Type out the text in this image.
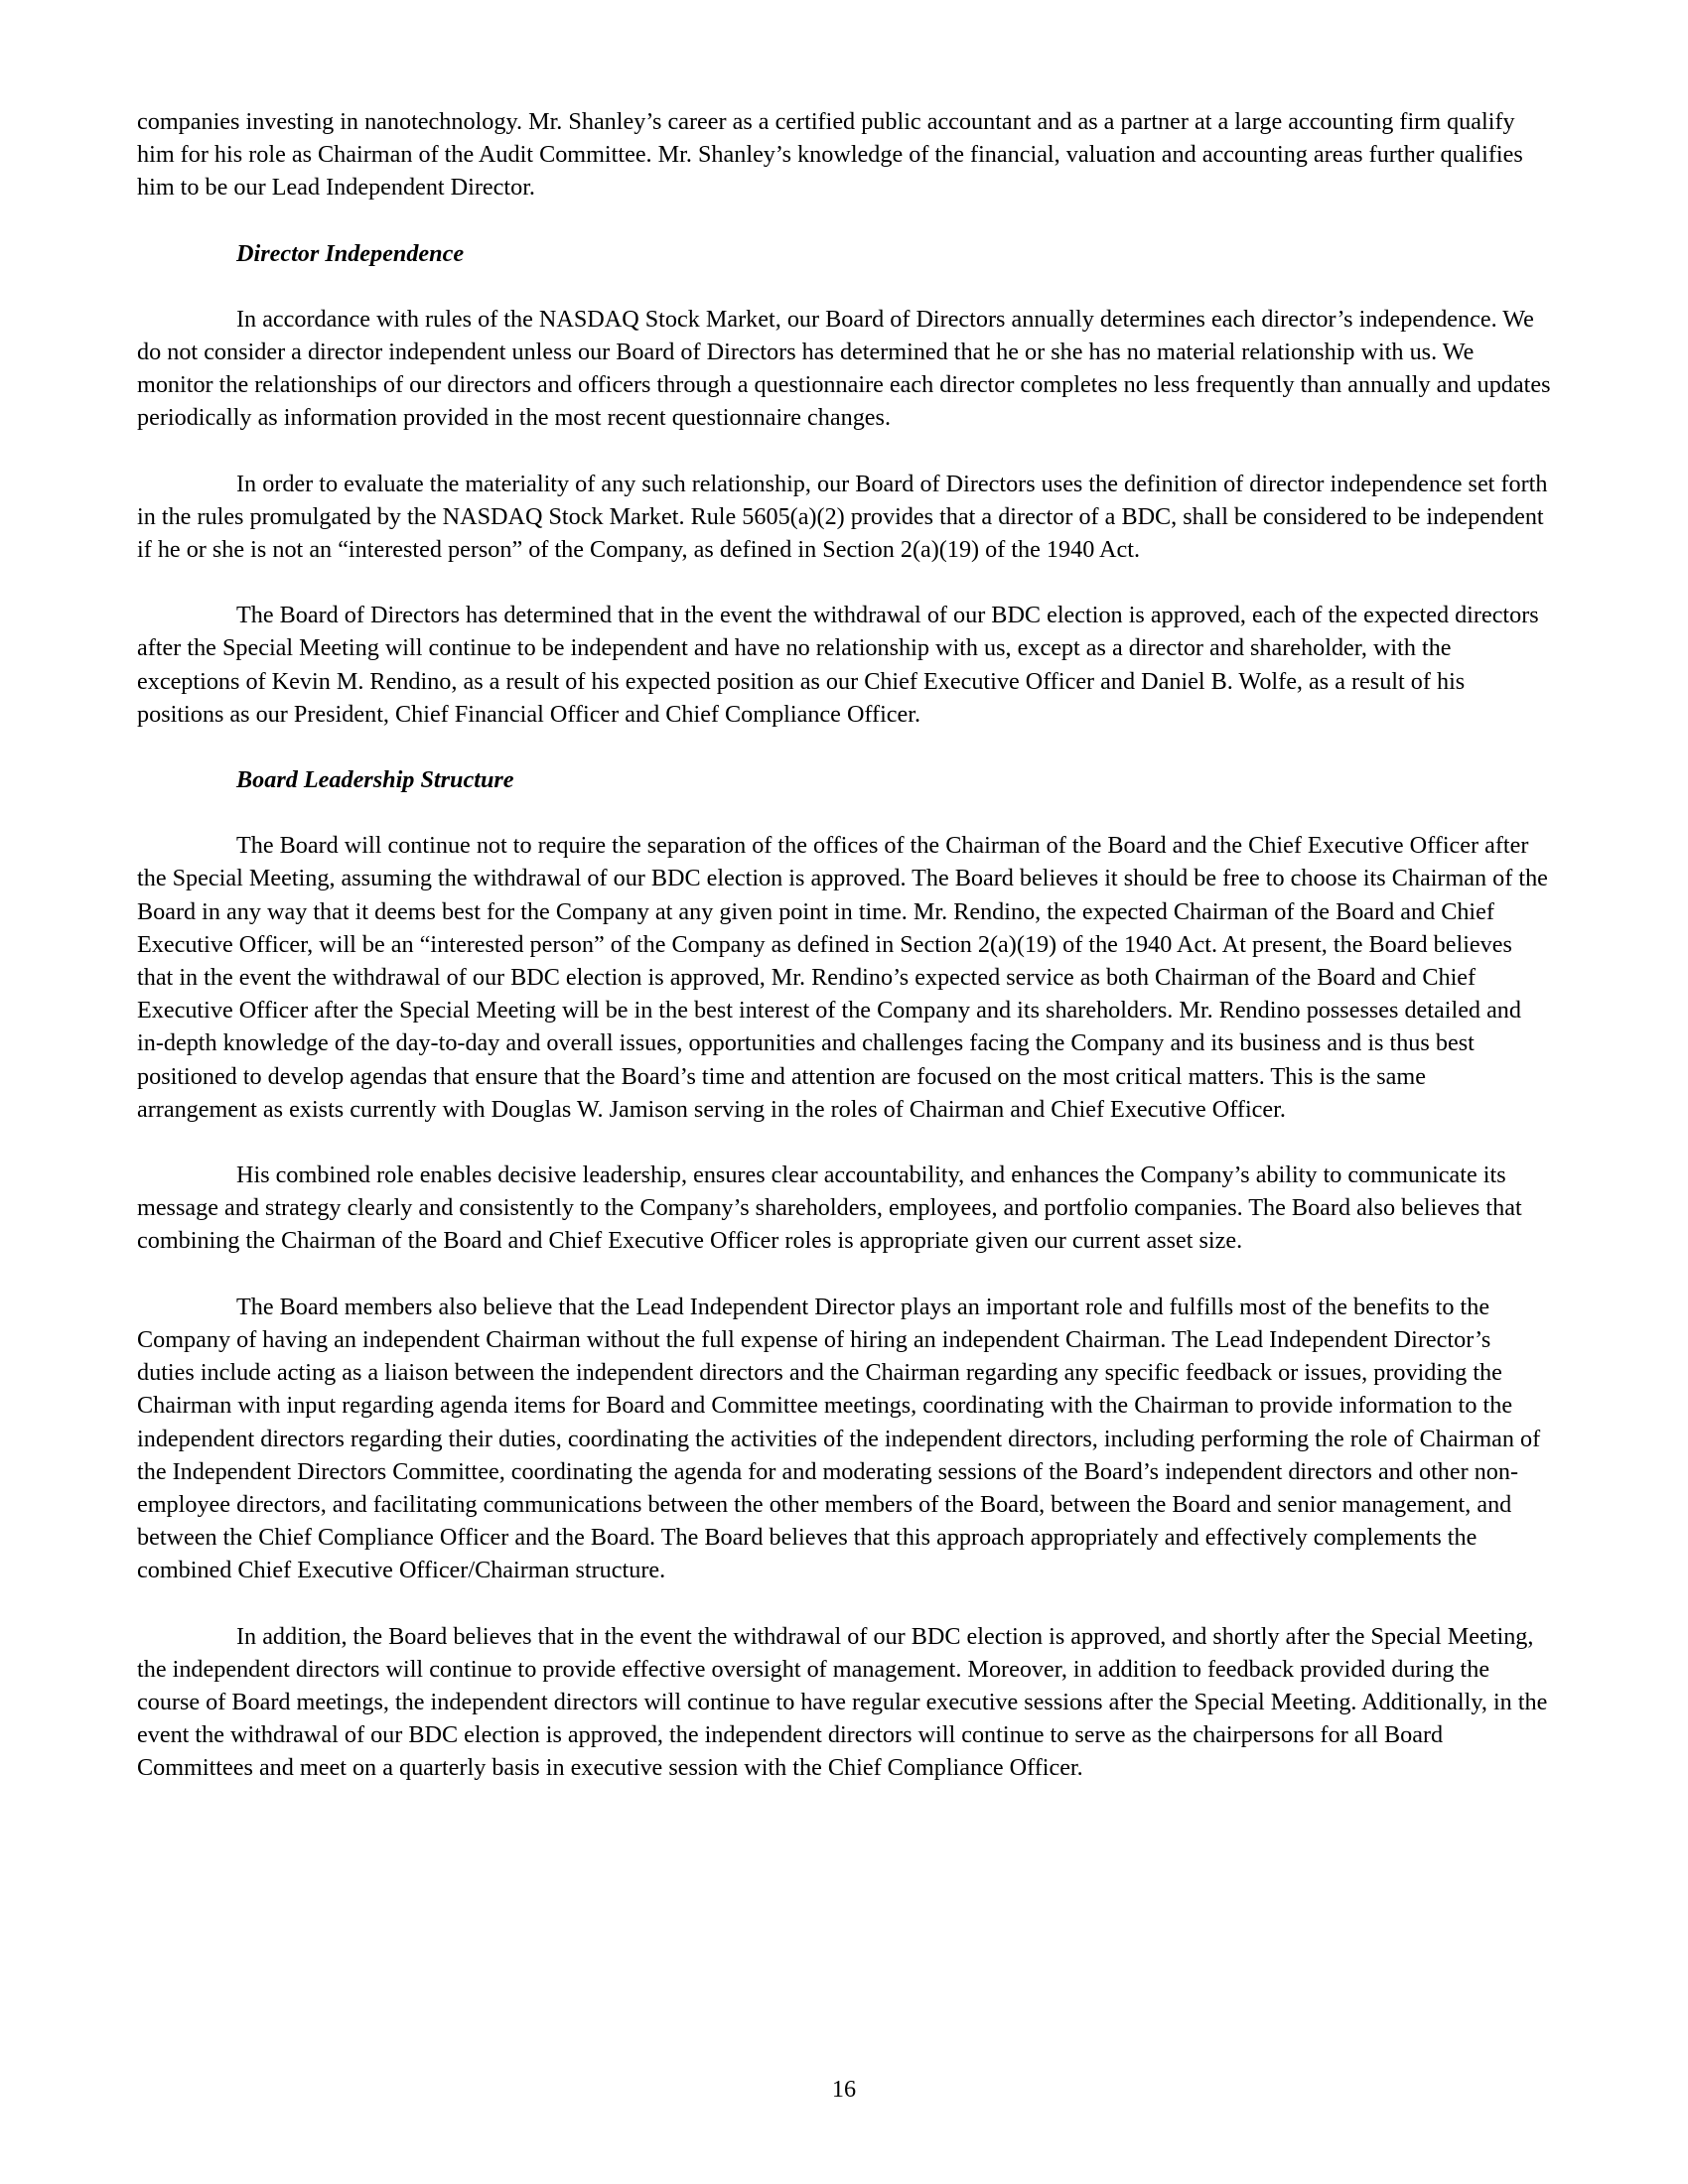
companies investing in nanotechnology. Mr. Shanley’s career as a certified public accountant and as a partner at a large accounting firm qualify him for his role as Chairman of the Audit Committee. Mr. Shanley’s knowledge of the financial, valuation and accounting areas further qualifies him to be our Lead Independent Director.

Director Independence

In accordance with rules of the NASDAQ Stock Market, our Board of Directors annually determines each director’s independence. We do not consider a director independent unless our Board of Directors has determined that he or she has no material relationship with us. We monitor the relationships of our directors and officers through a questionnaire each director completes no less frequently than annually and updates periodically as information provided in the most recent questionnaire changes.

In order to evaluate the materiality of any such relationship, our Board of Directors uses the definition of director independence set forth in the rules promulgated by the NASDAQ Stock Market. Rule 5605(a)(2) provides that a director of a BDC, shall be considered to be independent if he or she is not an “interested person” of the Company, as defined in Section 2(a)(19) of the 1940 Act.

The Board of Directors has determined that in the event the withdrawal of our BDC election is approved, each of the expected directors after the Special Meeting will continue to be independent and have no relationship with us, except as a director and shareholder, with the exceptions of Kevin M. Rendino, as a result of his expected position as our Chief Executive Officer and Daniel B. Wolfe, as a result of his positions as our President, Chief Financial Officer and Chief Compliance Officer.

Board Leadership Structure

The Board will continue not to require the separation of the offices of the Chairman of the Board and the Chief Executive Officer after the Special Meeting, assuming the withdrawal of our BDC election is approved. The Board believes it should be free to choose its Chairman of the Board in any way that it deems best for the Company at any given point in time. Mr. Rendino, the expected Chairman of the Board and Chief Executive Officer, will be an “interested person” of the Company as defined in Section 2(a)(19) of the 1940 Act. At present, the Board believes that in the event the withdrawal of our BDC election is approved, Mr. Rendino’s expected service as both Chairman of the Board and Chief Executive Officer after the Special Meeting will be in the best interest of the Company and its shareholders. Mr. Rendino possesses detailed and in-depth knowledge of the day-to-day and overall issues, opportunities and challenges facing the Company and its business and is thus best positioned to develop agendas that ensure that the Board’s time and attention are focused on the most critical matters. This is the same arrangement as exists currently with Douglas W. Jamison serving in the roles of Chairman and Chief Executive Officer.

His combined role enables decisive leadership, ensures clear accountability, and enhances the Company’s ability to communicate its message and strategy clearly and consistently to the Company’s shareholders, employees, and portfolio companies. The Board also believes that combining the Chairman of the Board and Chief Executive Officer roles is appropriate given our current asset size.

The Board members also believe that the Lead Independent Director plays an important role and fulfills most of the benefits to the Company of having an independent Chairman without the full expense of hiring an independent Chairman. The Lead Independent Director’s duties include acting as a liaison between the independent directors and the Chairman regarding any specific feedback or issues, providing the Chairman with input regarding agenda items for Board and Committee meetings, coordinating with the Chairman to provide information to the independent directors regarding their duties, coordinating the activities of the independent directors, including performing the role of Chairman of the Independent Directors Committee, coordinating the agenda for and moderating sessions of the Board’s independent directors and other non-employee directors, and facilitating communications between the other members of the Board, between the Board and senior management, and between the Chief Compliance Officer and the Board. The Board believes that this approach appropriately and effectively complements the combined Chief Executive Officer/Chairman structure.

In addition, the Board believes that in the event the withdrawal of our BDC election is approved, and shortly after the Special Meeting, the independent directors will continue to provide effective oversight of management. Moreover, in addition to feedback provided during the course of Board meetings, the independent directors will continue to have regular executive sessions after the Special Meeting. Additionally, in the event the withdrawal of our BDC election is approved, the independent directors will continue to serve as the chairpersons for all Board Committees and meet on a quarterly basis in executive session with the Chief Compliance Officer.

16
